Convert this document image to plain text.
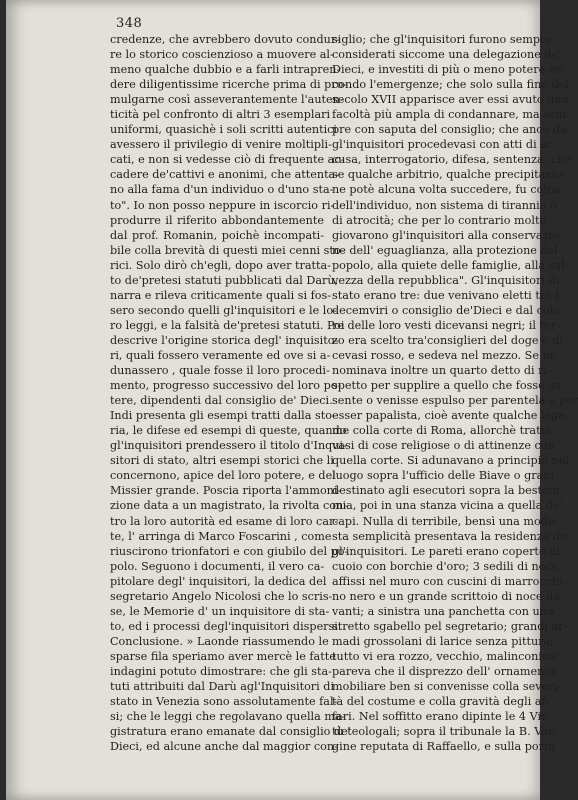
348
credenze, che avrebbero dovuto condur-
re lo storico coscienzioso a muovere al-
meno qualche dubbio e a farli intrapren-
dere diligentissime ricerche prima di pro-
mulgarne così asseverantemente l'auten-
ticità pel confronto di altri 3 esemplari
uniformi, quasichè i soli scritti autentici
avessero il privilegio di venire moltipli-
cati, e non si vedesse ciò di frequente ac-
cadere de'cattivi e anonimi, che attenta-
no alla fama d'un individuo o d'uno sta-
to". Io non posso neppure in iscorcio ri-
produrre il riferito abbondantemente
dal prof. Romanin, poichè incompati-
bile colla brevità di questi miei cenni sto-
rici. Solo dirò ch'egli, dopo aver tratta-
to de'pretesi statuti pubblicati dal Darù,
narra e rileva criticamente quali si fos-
sero secondo quelli gl'inquisitori e le lo-
ro leggi, e la falsità de'pretesi statuti. Poi
descrive l'origine storica degl' inquisito-
ri, quali fossero veramente ed ove si a-
dunassero , quale fosse il loro procedi-
mento, progresso successivo del loro po-
tere, dipendenti dal consiglio de' Dieci.
Indi presenta gli esempi tratti dalla sto-
ria, le difese ed esempi di queste, quando
gl'inquisitori prendessero il titolo d'Inqui-
sitori di stato, altri esempi storici che li
concernono, apice del loro potere, e del
Missier grande. Poscia riporta l'ammoni-
zione data a un magistrato, la rivolta con-
tro la loro autorità ed esame di loro car-
te, l' arringa di Marco Foscarini , come
riuscirono trionfatori e con giubilo del po-
polo. Seguono i documenti, il vero ca-
pitolare degl' inquisitori, la dedica del
segretario Angelo Nicolosi che lo scris-
se, le Memorie d' un inquisitore di sta-
to, ed i processi degl'inquisitori dispersi.
Conclusione. » Laonde riassumendo le
sparse fila speriamo aver mercè le fatte
indagini potuto dimostrare: che gli sta-
tuti attribuiti dal Darù agl'Inquisitori di
stato in Venezia sono assolutamente fal-
si; che le leggi che regolavano quella ma-
gistratura erano emanate dal consiglio de'
Dieci, ed alcune anche dal maggior con-
siglio; che gl'inquisitori furono sempre
considerati siccome una delegazione de'
Dieci, e investiti di più o meno potere se-
condo l'emergenze; che solo sulla fine del
secolo XVII apparisce aver essi avuto una
facoltà più ampla di condannare, ma sem-
pre con saputa del consiglio; che anco da-
gl'inquisitori procedevasi con atti di ac-
cusa, interrogatorio, difesa, sentenza; che
se qualche arbitrio, qualche precipitazio-
ne potè alcuna volta succedere, fu colpa
dell'individuo, non sistema di tirannia o
di atrocità; che per lo contrario molto
giovarono gl'inquisitori alla conservazio-
ne dell' eguaglianza, alla protezione del
popolo, alla quiete delle famiglie, alla sal-
vezza della repubblica". Gl'inquisitori di
stato erano tre: due venivano eletti tra i
decemviri o consiglio de'Dieci e dal colo-
re delle loro vesti dicevansi negri; il ter-
zo era scelto tra'consiglieri del doge e di-
cevasi rosso, e sedeva nel mezzo. Se ne
nominava inoltre un quarto detto di ri-
spetto per supplire a quello che fosse as-
sente o venisse espulso per parentela o per
esser papalista, cioè avente qualche lega-
me colla corte di Roma, allorchè tratta-
vasi di cose religiose o di attinenze con
quella corte. Si adunavano a principio nel
luogo sopra l'ufficio delle Biave o grani
destinato agli esecutori sopra la bestem-
mia, poi in una stanza vicina a quella de'
capi. Nulla di terribile, bensì una mode-
sta semplicità presentava la residenza de-
gl'inquisitori. Le pareti erano coperte di
cuoio con borchie d'oro; 3 sedili di noce
affissi nel muro con cuscini di marrocchi-
no nero e un grande scrittoio di noce da-
vanti; a sinistra una panchetta con uno
stretto sgabello pel segretario; grandi ar-
madi grossolani di larice senza pittura;
tutto vi era rozzo, vecchio, malinconico;
pareva che il disprezzo dell' ornamento
mobiliare ben si convenisse colla severi-
tà del costume e colla gravità degli af-
fari. Nel soffitto erano dipinte le 4 Vir-
tù teologali; sopra il tribunale la B. Ver-
gine reputata di Raffaello, e sulla porta
